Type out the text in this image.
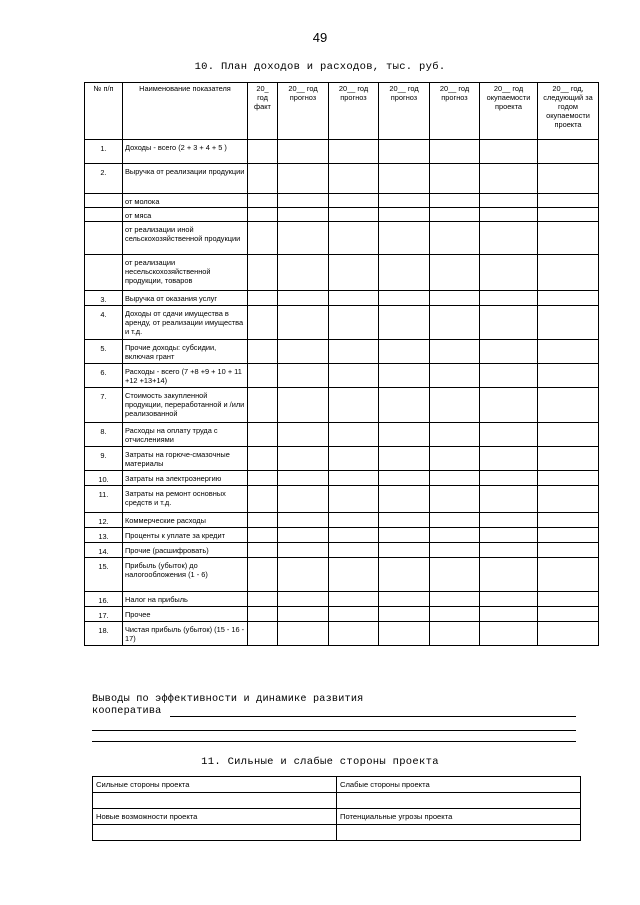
49
10. План доходов и расходов, тыс. руб.
№ п/п	Наименование показателя	20_ год факт	20__ год прогноз	20__ год прогноз	20__ год прогноз	20__ год прогноз	20__ год окупаемости проекта	20__ год, следующий за годом окупаемости проекта
1.	Доходы - всего (2 + 3 + 4 + 5 )							
2.	Выручка от реализации продукции							
	от молока							
	от мяса							
	от реализации иной сельскохозяйственной продукции							
	от реализации несельскохозяйственной продукции, товаров							
3.	Выручка от оказания услуг							
4.	Доходы от сдачи имущества в аренду, от реализации имущества и т.д.							
5.	Прочие доходы: субсидии, включая грант							
6.	Расходы - всего (7 +8 +9 + 10 + 11 +12 +13+14)							
7.	Стоимость закупленной продукции, переработанной и /или реализованной							
8.	Расходы на оплату труда с отчислениями							
9.	Затраты на горюче-смазочные материалы							
10.	Затраты на электроэнергию							
11.	Затраты на ремонт основных средств и т.д.							
12.	Коммерческие расходы							
13.	Проценты к уплате за кредит							
14.	Прочие (расшифровать)							
15.	Прибыль (убыток) до налогообложения (1 - 6)							
16.	Налог на прибыль							
17.	Прочее							
18.	Чистая прибыль (убыток) (15 - 16 - 17)							
Выводы по эффективности и динамике развития
кооператива
11. Сильные и слабые стороны проекта
Сильные стороны проекта	Слабые стороны проекта

Новые возможности проекта	Потенциальные угрозы проекта
